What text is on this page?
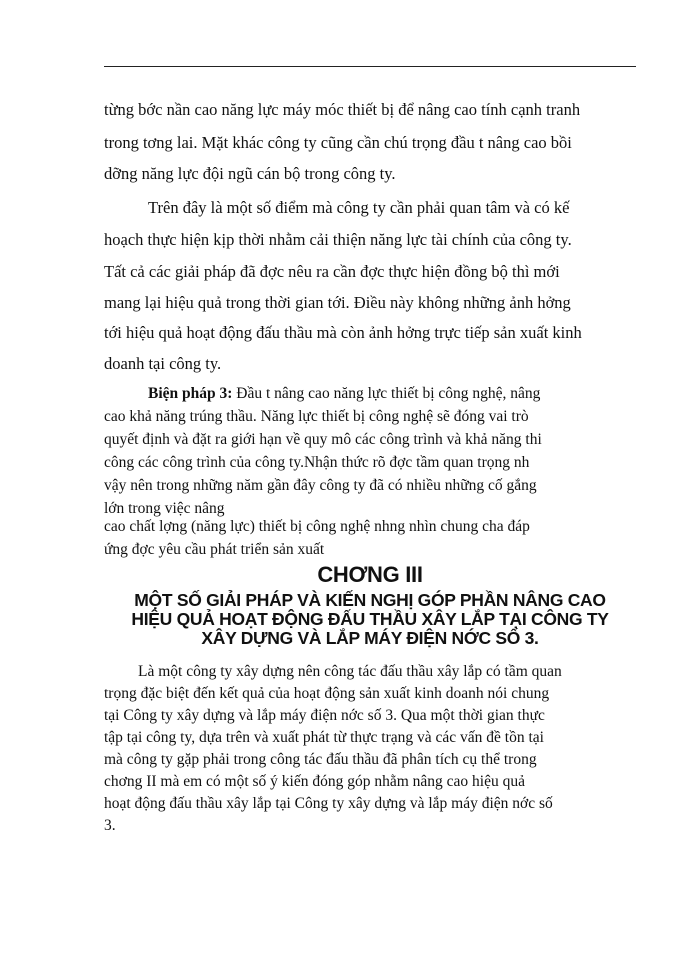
từng bớc nần cao năng lực máy móc thiết bị để nâng cao tính cạnh tranh
trong tơng lai. Mặt khác công ty cũng cần chú trọng đầu t nâng cao bồi
dỡng năng lực đội ngũ cán bộ trong công ty.
Trên đây là một số điểm mà công ty cần phải quan tâm và có kế
hoạch thực hiện kịp thời nhằm cải thiện năng lực tài chính của công ty.
Tất cả các giải pháp đã đợc nêu ra cần đợc thực hiện đồng bộ thì mới
mang lại hiệu quả trong thời gian tới. Điều này không những ảnh hởng
tới hiệu quả hoạt động đấu thầu mà còn ảnh hởng trực tiếp sản xuất kinh
doanh tại công ty.
Biện pháp 3: Đầu t nâng cao năng lực thiết bị công nghệ, nâng
cao khả năng trúng thầu. Năng lực thiết bị công nghệ sẽ đóng vai trò
quyết định và đặt ra giới hạn về quy mô các công trình và khả năng thi
công các công trình của công ty.Nhận thức rõ đợc tầm quan trọng nh
vậy nên trong những năm gần đây công ty đã có nhiều những cố gắng
lớn trong việc nâng
cao chất lợng (năng lực) thiết bị công nghệ nhng nhìn chung cha đáp
ứng đợc yêu cầu phát triển sản xuất
CHƠNG III
MỘT SỐ GIẢI PHÁP VÀ KIẾN NGHỊ GÓP PHẦN NÂNG CAO
HIỆU QUẢ HOẠT ĐỘNG ĐẤU THẦU XÂY LẮP TẠI CÔNG TY
XÂY DỰNG VÀ LẮP MÁY ĐIỆN NỚC SỐ 3.
Là một công ty xây dựng nên công tác đấu thầu xây lắp có tầm quan
trọng đặc biệt đến kết quả của hoạt động sản xuất kinh doanh nói chung
tại Công ty xây dựng và lắp máy điện nớc số 3. Qua một thời gian thực
tập tại công ty, dựa trên và xuất phát từ thực trạng và các vấn đề tồn tại
mà công ty gặp phải trong công tác đấu thầu đã phân tích cụ thể trong
chơng II mà em có một số ý kiến đóng góp nhằm nâng cao hiệu quả
hoạt động đấu thầu xây lắp tại Công ty xây dựng và lắp máy điện nớc số
3.
